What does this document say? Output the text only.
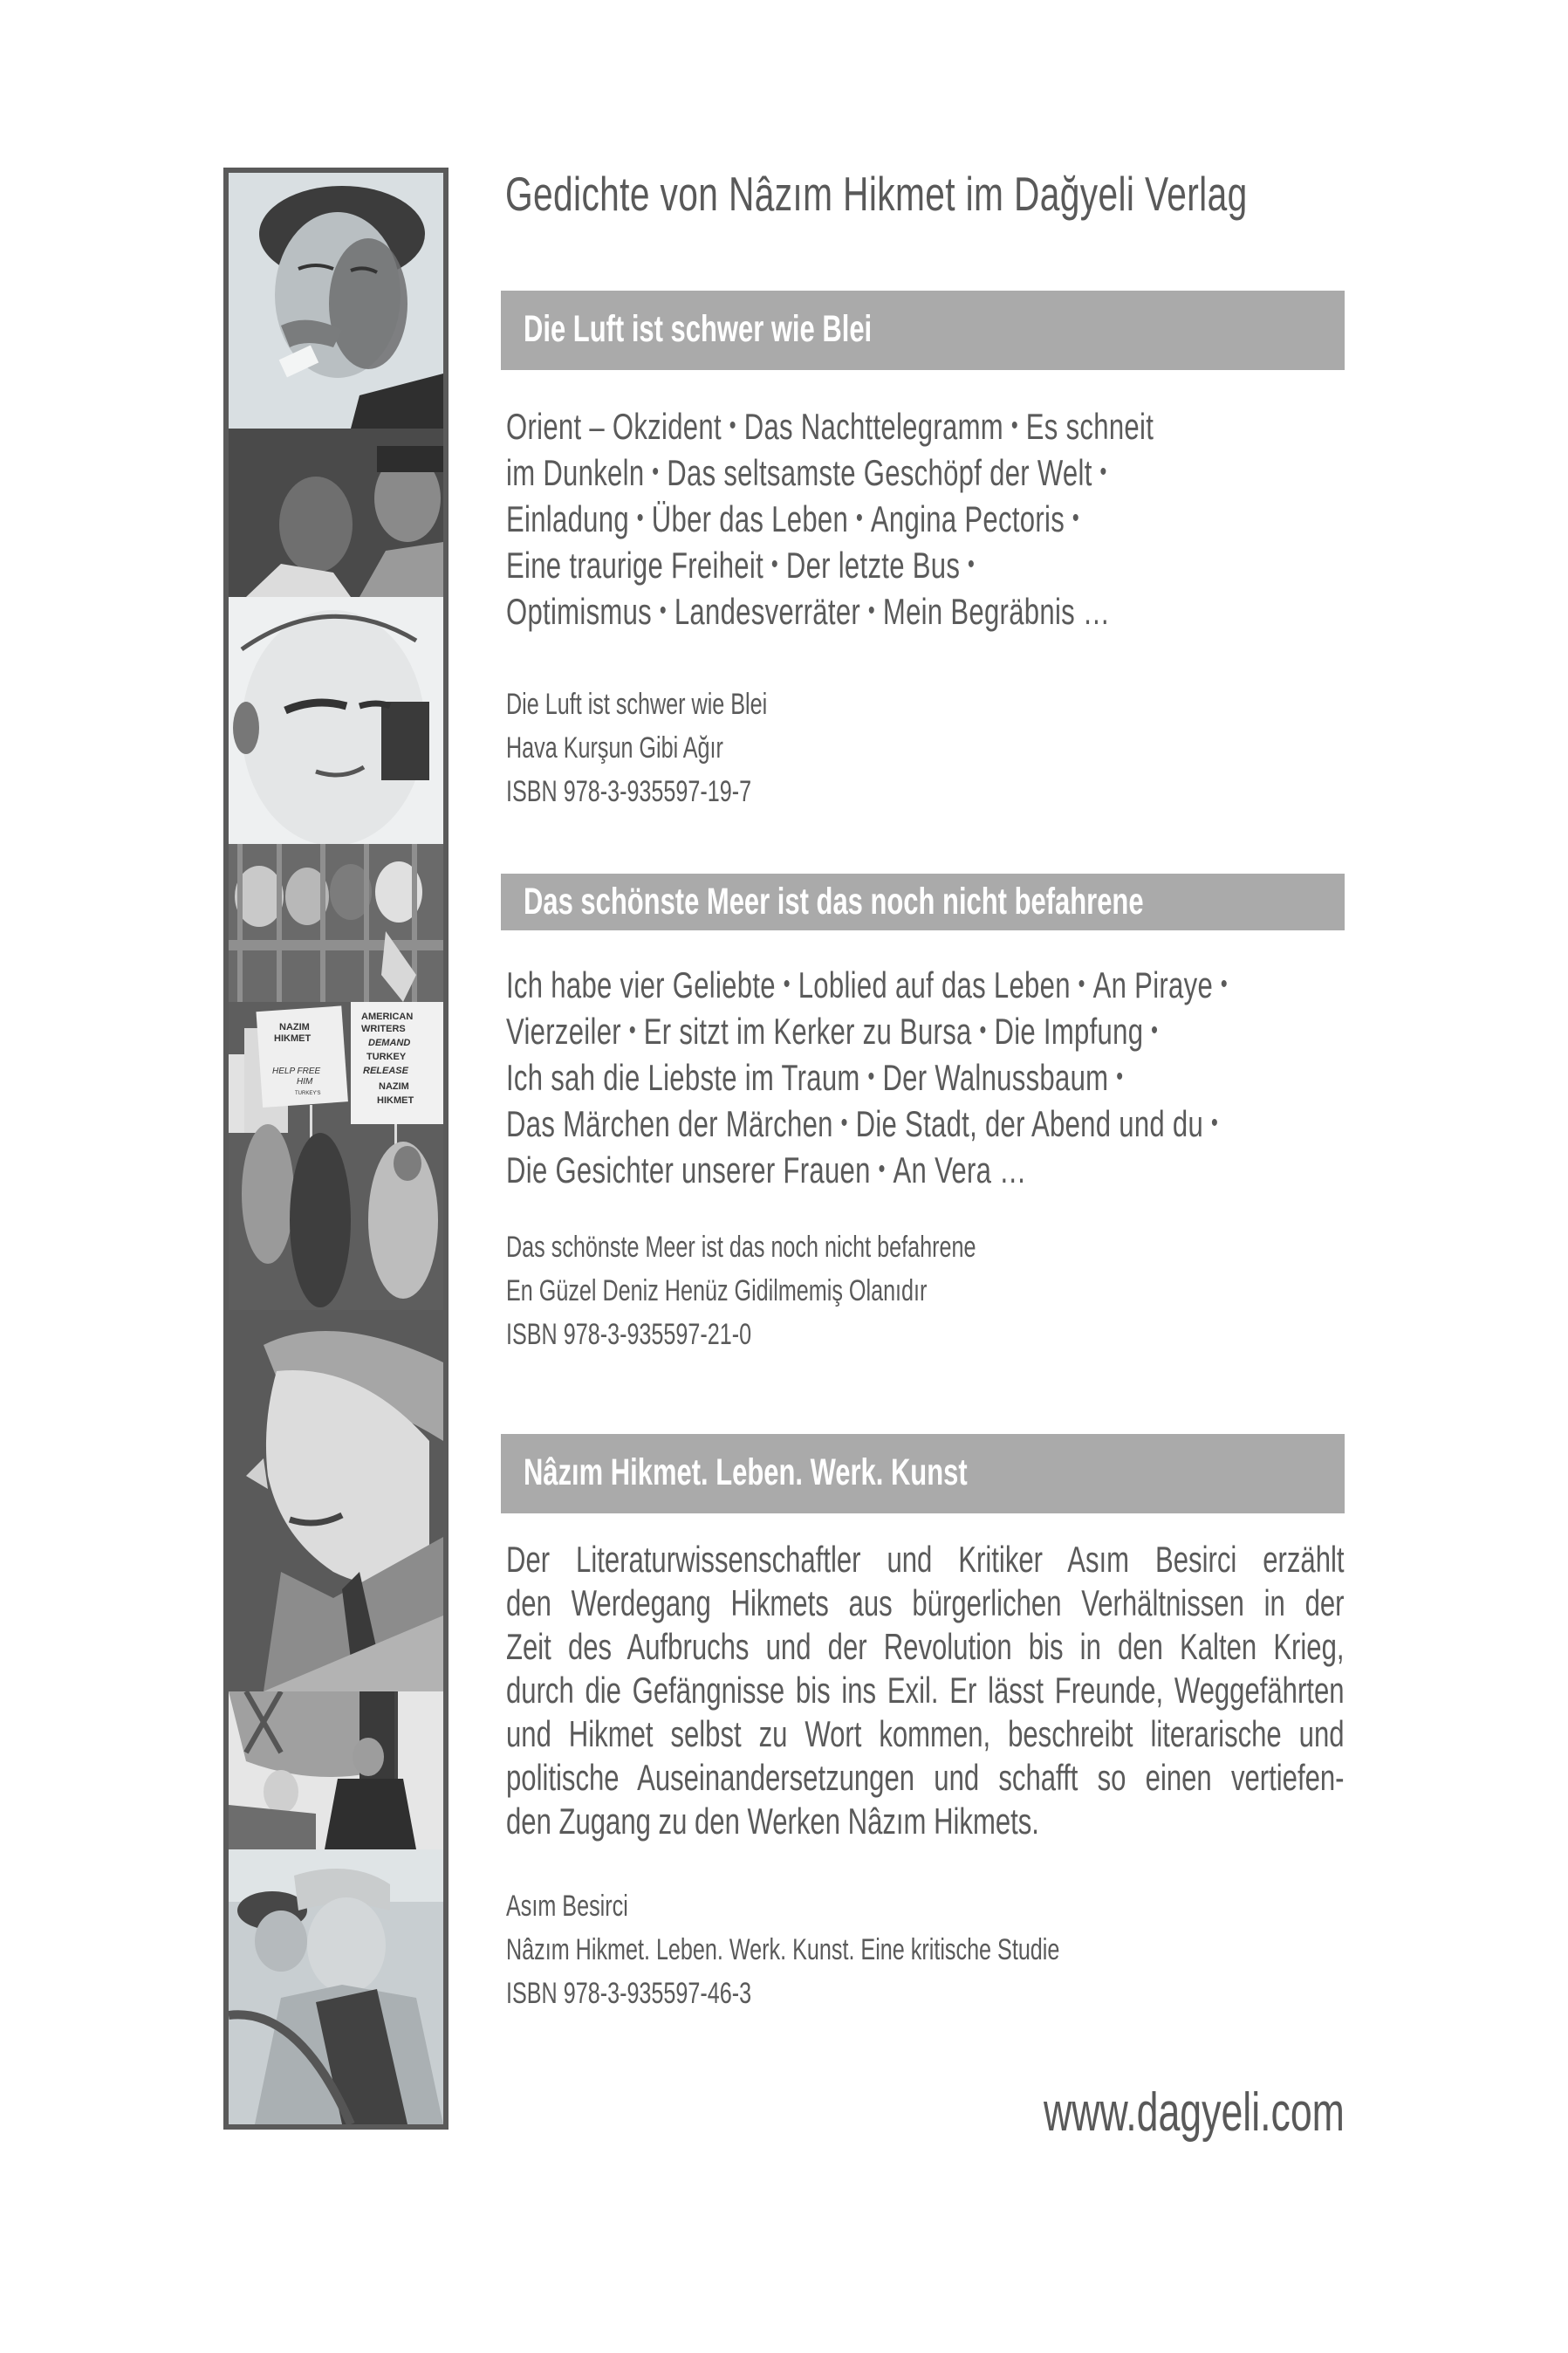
NAZIM
HIKMET
HELP FREE
HIM
TURKEY'S
AMERICAN
WRITERS
DEMAND
TURKEY
RELEASE
NAZIM
HIKMET
Gedichte von Nâzım Hikmet im Dağyeli Verlag
Die Luft ist schwer wie Blei
Orient – Okzident • Das Nachttelegramm • Es schneit
im Dunkeln • Das seltsamste Geschöpf der Welt •
Einladung • Über das Leben • Angina Pectoris •
Eine traurige Freiheit • Der letzte Bus •
Optimismus • Landesverräter • Mein Begräbnis …
Die Luft ist schwer wie Blei
Hava Kurşun Gibi Ağır
ISBN 978-3-935597-19-7
Das schönste Meer ist das noch nicht befahrene
Ich habe vier Geliebte • Loblied auf das Leben • An Piraye •
Vierzeiler • Er sitzt im Kerker zu Bursa • Die Impfung •
Ich sah die Liebste im Traum • Der Walnussbaum •
Das Märchen der Märchen • Die Stadt, der Abend und du •
Die Gesichter unserer Frauen • An Vera …
Das schönste Meer ist das noch nicht befahrene
En Güzel Deniz Henüz Gidilmemiş Olanıdır
ISBN 978-3-935597-21-0
Nâzım Hikmet. Leben. Werk. Kunst
Der Literaturwissenschaftler und Kritiker Asım Besirci erzählt
den Werdegang Hikmets aus bürgerlichen Verhältnissen in der
Zeit des Aufbruchs und der Revolution bis in den Kalten Krieg,
durch die Gefängnisse bis ins Exil. Er lässt Freunde, Weggefährten
und Hikmet selbst zu Wort kommen, beschreibt literarische und
politische Auseinandersetzungen und schafft so einen vertiefen-
den Zugang zu den Werken Nâzım Hikmets.
Asım Besirci
Nâzım Hikmet. Leben. Werk. Kunst. Eine kritische Studie
ISBN 978-3-935597-46-3
www.dagyeli.com
